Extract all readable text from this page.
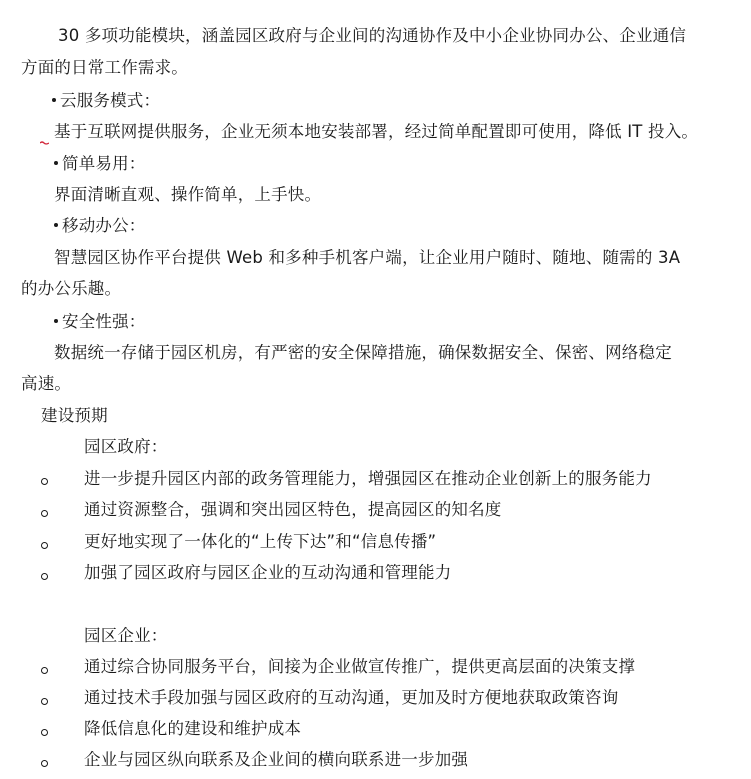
30 多项功能模块，涵盖园区政府与企业间的沟通协作及中小企业协同办公、企业通信
方面的日常工作需求。
云服务模式：
基于互联网提供服务，企业无须本地安装部署，经过简单配置即可使用，降低 IT 投入。
简单易用：
界面清晰直观、操作简单，上手快。
移动办公：
智慧园区协作平台提供 Web 和多种手机客户端，让企业用户随时、随地、随需的 3A
的办公乐趣。
安全性强：
数据统一存储于园区机房，有严密的安全保障措施，确保数据安全、保密、网络稳定
高速。
建设预期
园区政府：
进一步提升园区内部的政务管理能力，增强园区在推动企业创新上的服务能力
通过资源整合，强调和突出园区特色，提高园区的知名度
更好地实现了一体化的“上传下达”和“信息传播”
加强了园区政府与园区企业的互动沟通和管理能力
园区企业：
通过综合协同服务平台，间接为企业做宣传推广，提供更高层面的决策支撑
通过技术手段加强与园区政府的互动沟通，更加及时方便地获取政策咨询
降低信息化的建设和维护成本
企业与园区纵向联系及企业间的横向联系进一步加强
